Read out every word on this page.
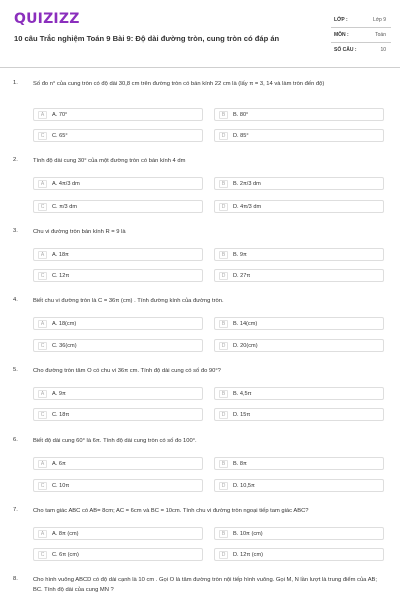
QUIZIZZ
10 câu Trắc nghiệm Toán 9 Bài 9: Độ dài đường tròn, cung tròn có đáp án
LỚP :	Lớp 9
MÔN :	Toán
SỐ CÂU :	10
1.	Số đo n° của cung tròn có độ dài 30,8 cm trên đường tròn có bán kính 22 cm là (lấy π = 3, 14 và làm tròn đến độ)
A	A. 70°	B	B. 80°
C	C. 65°	D	D. 85°
2.	Tính độ dài cung 30° của một đường tròn có bán kính 4 dm
A	A. 4π/3 dm	B	B. 2π/3 dm
C	C. π/3 dm	D	D. 4π/3 dm
3.	Chu vi đường tròn bán kính R = 9 là
A	A. 18π	B	B. 9π
C	C. 12π	D	D. 27π
4.	Biết chu vi đường tròn là C = 36π (cm) . Tính đường kính của đường tròn.
A	A. 18(cm)	B	B. 14(cm)
C	C. 36(cm)	D	D. 20(cm)
5.	Cho đường tròn tâm O có chu vi 36π cm. Tính độ dài cung có số đo 90°?
A	A. 9π	B	B. 4,5π
C	C. 18π	D	D. 15π
6.	Biết độ dài cung 60° là 6π. Tính độ dài cung tròn có số đo 100°.
A	A. 6π	B	B. 8π
C	C. 10π	D	D. 10,5π
7.	Cho tam giác ABC có AB= 8cm; AC = 6cm và BC = 10cm. Tính chu vi đường tròn ngoại tiếp tam giác ABC?
A	A. 8π (cm)	B	B. 10π (cm)
C	C. 6π (cm)	D	D. 12π (cm)
8.	Cho hình vuông ABCD có độ dài cạnh là 10 cm . Gọi O là tâm đường tròn nội tiếp hình vuông. Gọi M, N lần lượt là trung điểm của AB; BC. Tính độ dài của cung MN ?
